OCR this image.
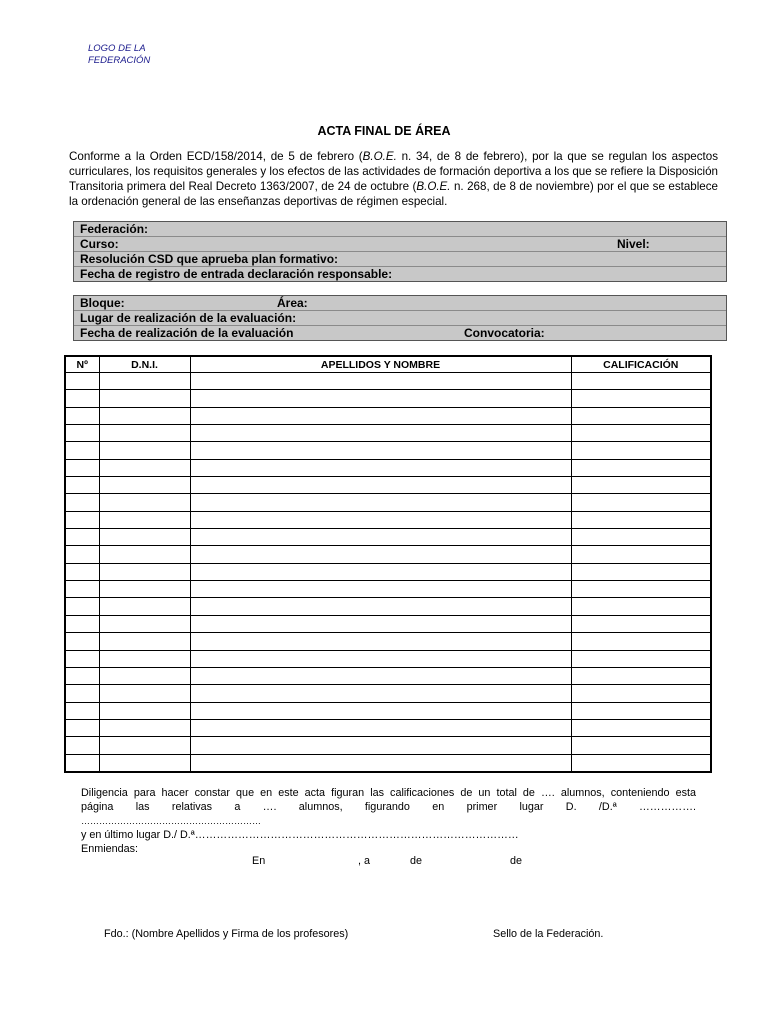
LOGO DE LA
FEDERACIÓN
ACTA FINAL DE ÁREA
Conforme a la Orden ECD/158/2014, de 5 de febrero (B.O.E. n. 34, de 8 de febrero), por la que se regulan los aspectos curriculares, los requisitos generales y los efectos de las actividades de formación deportiva a los que se refiere la Disposición Transitoria primera del Real Decreto 1363/2007, de 24 de octubre (B.O.E. n. 268, de 8 de noviembre) por el que se establece la ordenación general de las enseñanzas deportivas de régimen especial.
Federación:
Curso:	Nivel:
Resolución CSD que aprueba plan formativo:
Fecha de registro de entrada declaración responsable:
Bloque:	Área:
Lugar de realización de la evaluación:
Fecha de realización de la evaluación	Convocatoria:
Nº	D.N.I.	APELLIDOS Y NOMBRE	CALIFICACIÓN

Diligencia para hacer constar que en este acta figuran las calificaciones de un total de …. alumnos, conteniendo esta
página las relativas a …. alumnos, figurando en primer lugar D. /D.ª …………….
……………………………………………………
y en último lugar D./ D.ª………………………………………………………………………………
Enmiendas:
En	, a	de	de
Fdo.: (Nombre Apellidos y Firma de los profesores)	Sello de la Federación.
